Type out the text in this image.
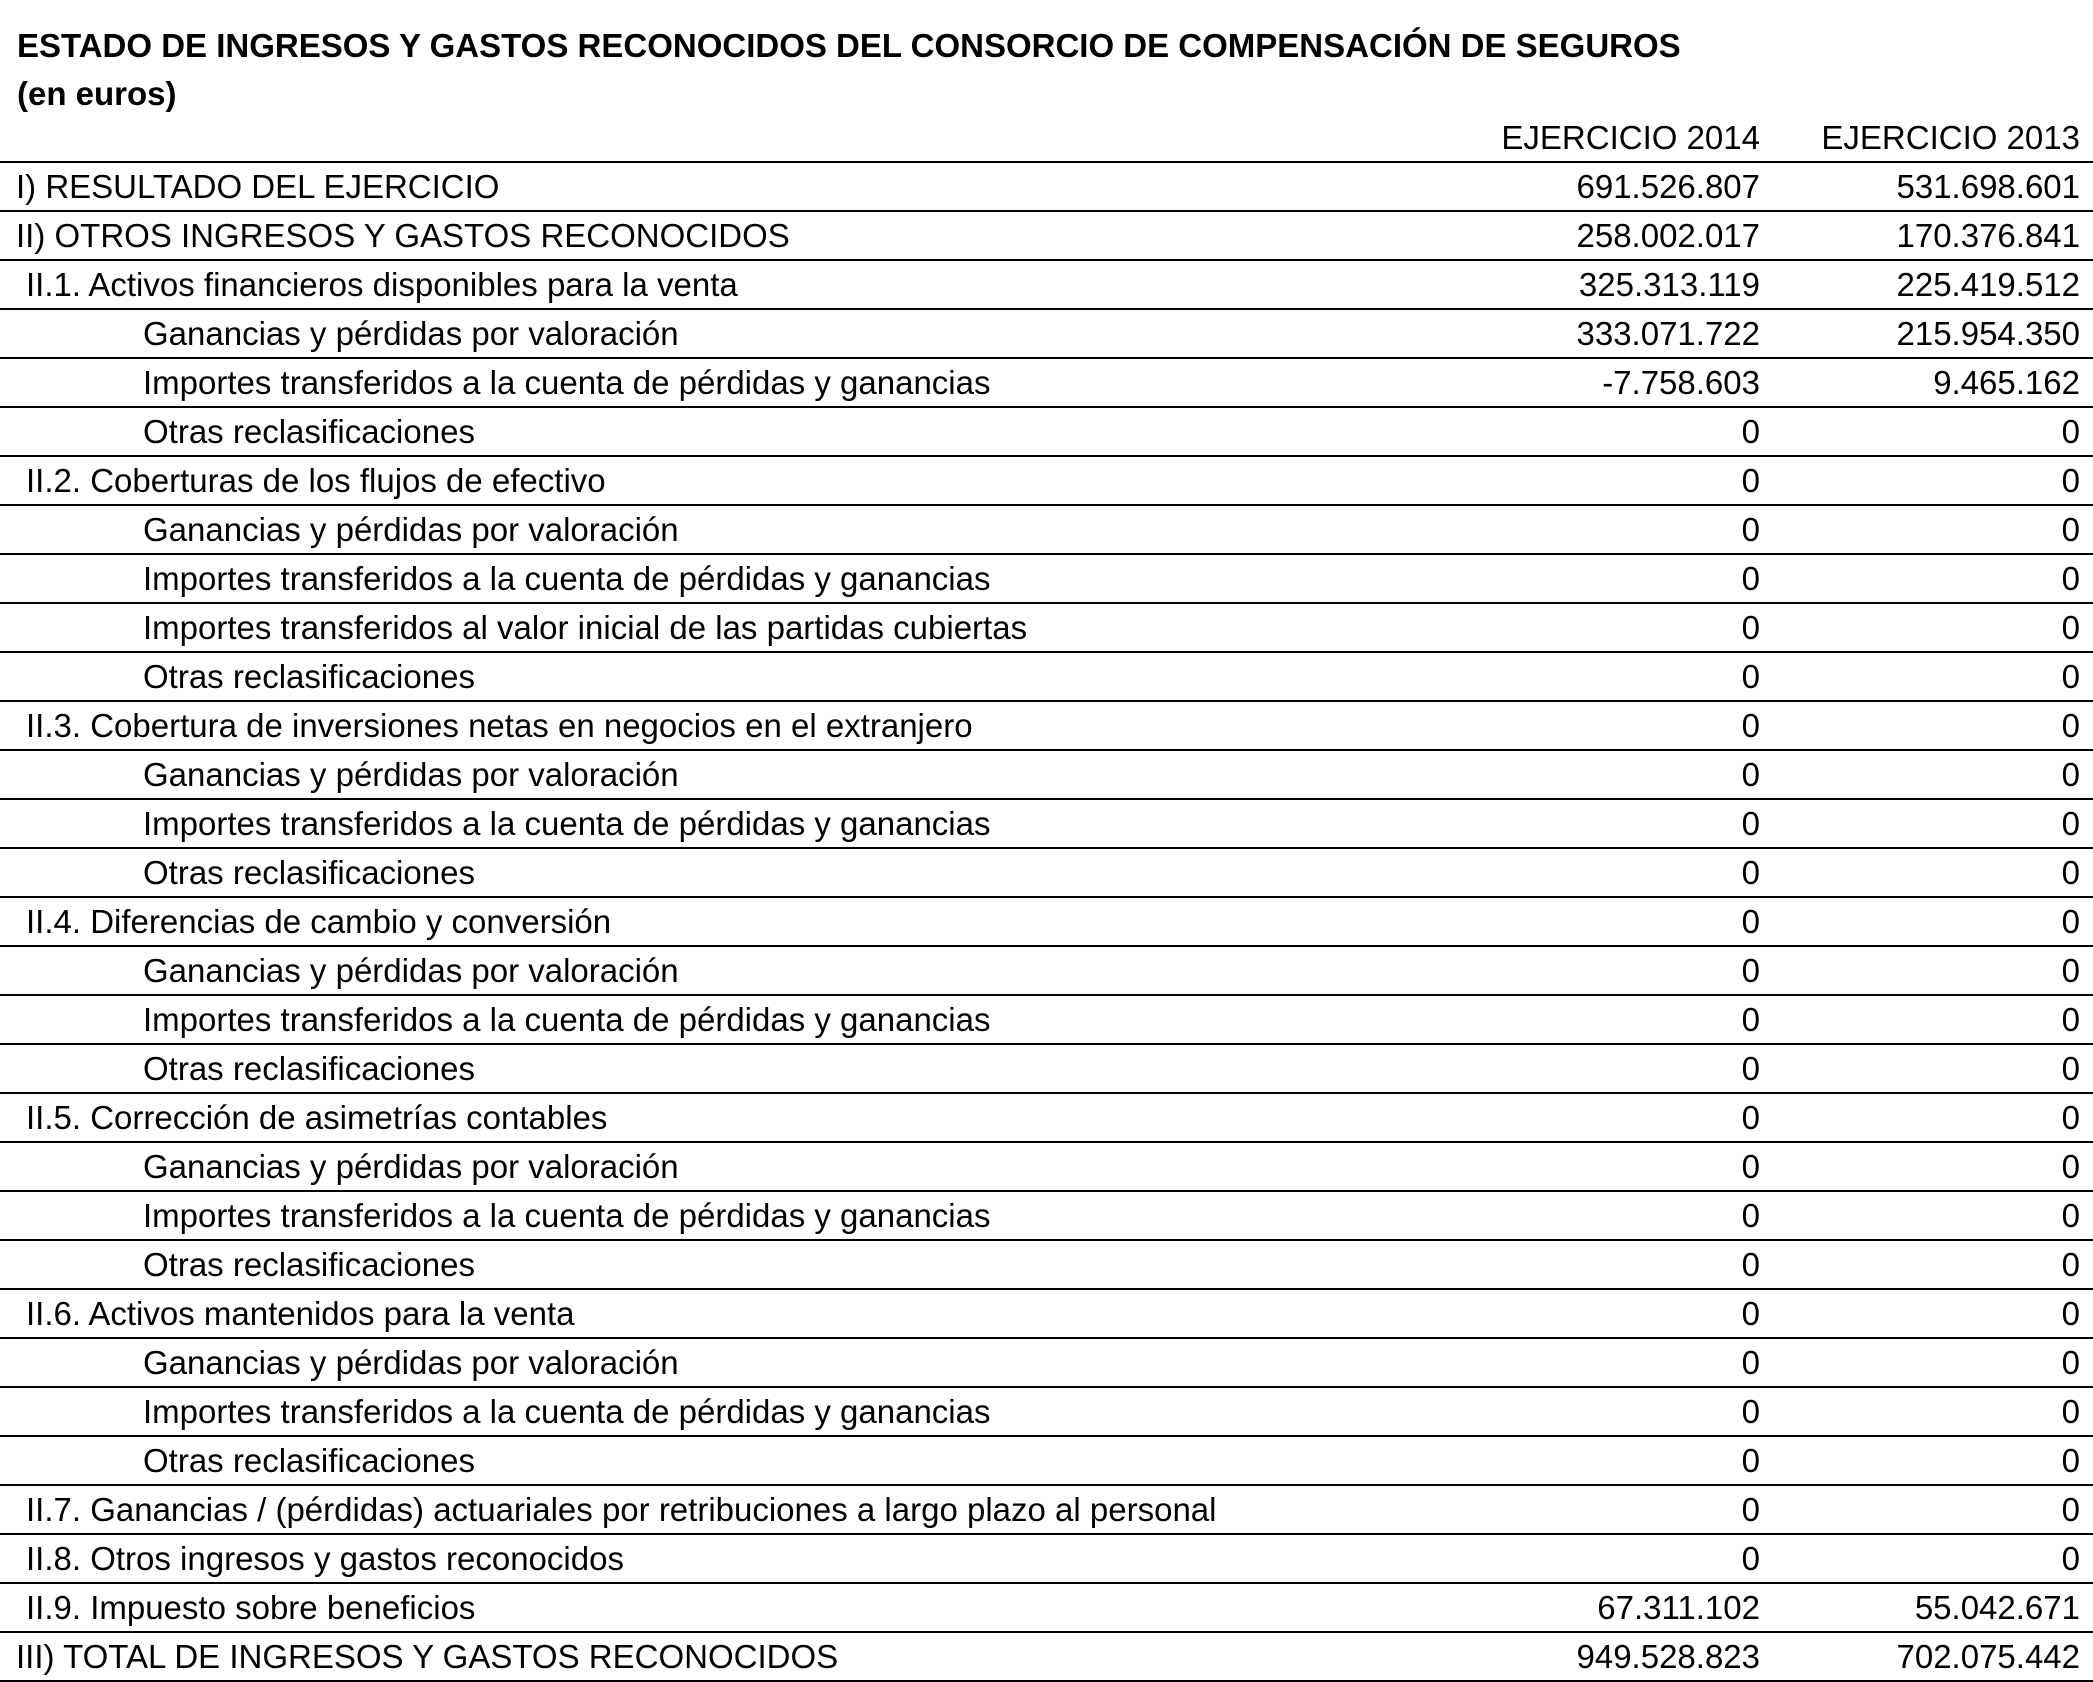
ESTADO DE INGRESOS Y GASTOS RECONOCIDOS DEL CONSORCIO DE COMPENSACIÓN DE SEGUROS
(en euros)
EJERCICIO 2014 EJERCICIO 2013
I) RESULTADO DEL EJERCICIO	691.526.807	531.698.601
II) OTROS INGRESOS Y GASTOS RECONOCIDOS	258.002.017	170.376.841
II.1. Activos financieros disponibles para la venta	325.313.119	225.419.512
Ganancias y pérdidas por valoración	333.071.722	215.954.350
Importes transferidos a la cuenta de pérdidas y ganancias	-7.758.603	9.465.162
Otras reclasificaciones	0	0
II.2. Coberturas de los flujos de efectivo	0	0
Ganancias y pérdidas por valoración	0	0
Importes transferidos a la cuenta de pérdidas y ganancias	0	0
Importes transferidos al valor inicial de las partidas cubiertas	0	0
Otras reclasificaciones	0	0
II.3. Cobertura de inversiones netas en negocios en el extranjero	0	0
Ganancias y pérdidas por valoración	0	0
Importes transferidos a la cuenta de pérdidas y ganancias	0	0
Otras reclasificaciones	0	0
II.4. Diferencias de cambio y conversión	0	0
Ganancias y pérdidas por valoración	0	0
Importes transferidos a la cuenta de pérdidas y ganancias	0	0
Otras reclasificaciones	0	0
II.5. Corrección de asimetrías contables	0	0
Ganancias y pérdidas por valoración	0	0
Importes transferidos a la cuenta de pérdidas y ganancias	0	0
Otras reclasificaciones	0	0
II.6. Activos mantenidos para la venta	0	0
Ganancias y pérdidas por valoración	0	0
Importes transferidos a la cuenta de pérdidas y ganancias	0	0
Otras reclasificaciones	0	0
II.7. Ganancias / (pérdidas) actuariales por retribuciones a largo plazo al personal	0	0
II.8. Otros ingresos y gastos reconocidos	0	0
II.9. Impuesto sobre beneficios	67.311.102	55.042.671
III) TOTAL DE INGRESOS Y GASTOS RECONOCIDOS	949.528.823	702.075.442
